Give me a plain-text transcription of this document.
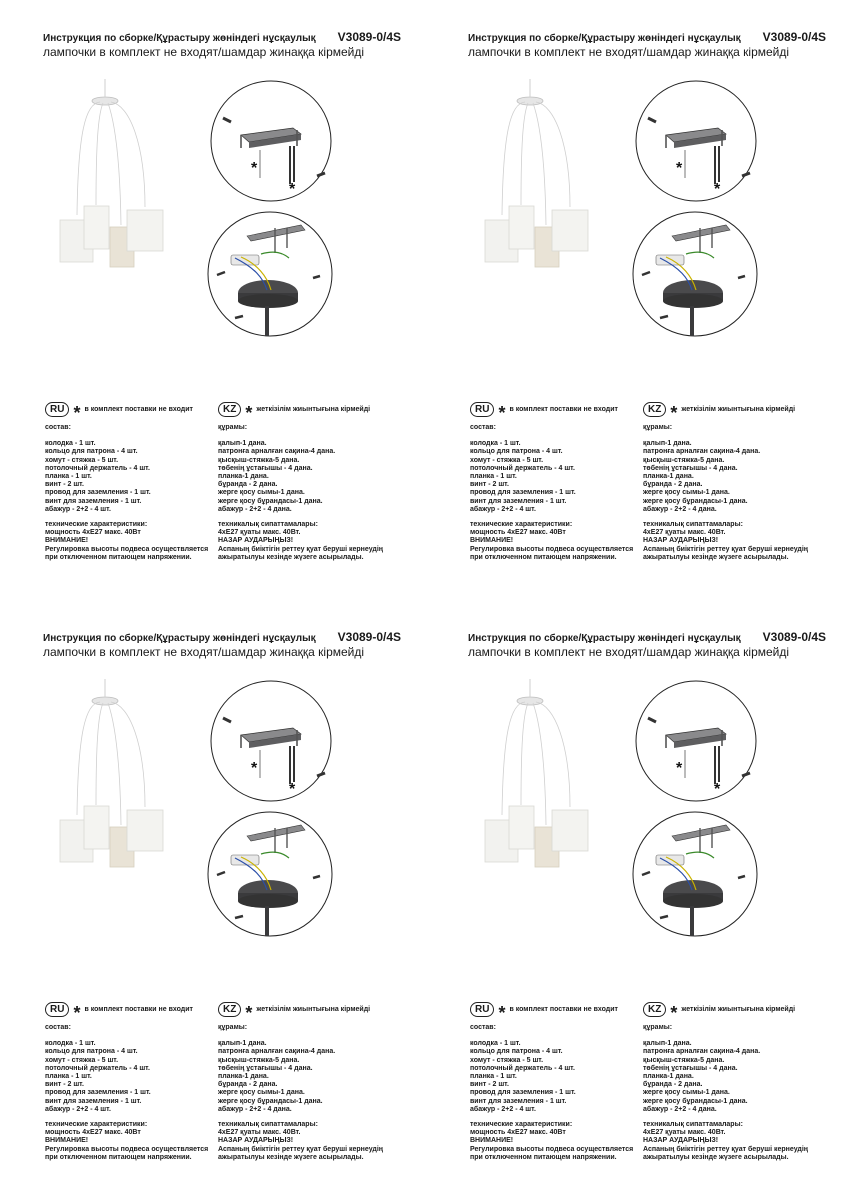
Инструкция по сборке/Құрастыру жөніндегі нұсқаулық V3089-0/4S
лампочки в комплект не входят/шамдар жинаққа кірмейді
*
*
RU * в комплект поставки не входит	KZ * жеткізілім жиынтығына кірмейді
состав:
колодка - 1 шт.
кольцо для патрона - 4 шт.
хомут - стяжка - 5 шт.
потолочный держатель - 4 шт.
планка - 1 шт.
винт - 2 шт.
провод для заземления - 1 шт.
винт для заземления - 1 шт.
абажур - 2+2 - 4 шт.
технические характеристики:
мощность 4xE27 макс. 40Вт
ВНИМАНИЕ!
Регулировка высоты подвеса осуществляется
при отключенном питающем напряжении.
құрамы:
қалып-1 дана.
патронға арналған сақина-4 дана.
қысқыш-стяжка-5 дана.
төбенің ұстағышы - 4 дана.
планка-1 дана.
бұранда - 2 дана.
жерге қосу сымы-1 дана.
жерге қосу бұрандасы-1 дана.
абажур - 2+2 - 4 дана.
техникалық сипаттамалары:
4xE27 қуаты макс. 40Вт.
НАЗАР АУДАРЫҢЫЗ!
Аспаның биіктігін реттеу қуат беруші кернеудің
ажыратылуы кезінде жүзеге асырылады.
Инструкция по сборке/Құрастыру жөніндегі нұсқаулық V3089-0/4S
лампочки в комплект не входят/шамдар жинаққа кірмейді
*
*
RU * в комплект поставки не входит	KZ * жеткізілім жиынтығына кірмейді
состав:
колодка - 1 шт.
кольцо для патрона - 4 шт.
хомут - стяжка - 5 шт.
потолочный держатель - 4 шт.
планка - 1 шт.
винт - 2 шт.
провод для заземления - 1 шт.
винт для заземления - 1 шт.
абажур - 2+2 - 4 шт.
технические характеристики:
мощность 4xE27 макс. 40Вт
ВНИМАНИЕ!
Регулировка высоты подвеса осуществляется
при отключенном питающем напряжении.
құрамы:
қалып-1 дана.
патронға арналған сақина-4 дана.
қысқыш-стяжка-5 дана.
төбенің ұстағышы - 4 дана.
планка-1 дана.
бұранда - 2 дана.
жерге қосу сымы-1 дана.
жерге қосу бұрандасы-1 дана.
абажур - 2+2 - 4 дана.
техникалық сипаттамалары:
4xE27 қуаты макс. 40Вт.
НАЗАР АУДАРЫҢЫЗ!
Аспаның биіктігін реттеу қуат беруші кернеудің
ажыратылуы кезінде жүзеге асырылады.
Инструкция по сборке/Құрастыру жөніндегі нұсқаулық V3089-0/4S
лампочки в комплект не входят/шамдар жинаққа кірмейді
*
*
RU * в комплект поставки не входит	KZ * жеткізілім жиынтығына кірмейді
состав:
колодка - 1 шт.
кольцо для патрона - 4 шт.
хомут - стяжка - 5 шт.
потолочный держатель - 4 шт.
планка - 1 шт.
винт - 2 шт.
провод для заземления - 1 шт.
винт для заземления - 1 шт.
абажур - 2+2 - 4 шт.
технические характеристики:
мощность 4xE27 макс. 40Вт
ВНИМАНИЕ!
Регулировка высоты подвеса осуществляется
при отключенном питающем напряжении.
құрамы:
қалып-1 дана.
патронға арналған сақина-4 дана.
қысқыш-стяжка-5 дана.
төбенің ұстағышы - 4 дана.
планка-1 дана.
бұранда - 2 дана.
жерге қосу сымы-1 дана.
жерге қосу бұрандасы-1 дана.
абажур - 2+2 - 4 дана.
техникалық сипаттамалары:
4xE27 қуаты макс. 40Вт.
НАЗАР АУДАРЫҢЫЗ!
Аспаның биіктігін реттеу қуат беруші кернеудің
ажыратылуы кезінде жүзеге асырылады.
Инструкция по сборке/Құрастыру жөніндегі нұсқаулық V3089-0/4S
лампочки в комплект не входят/шамдар жинаққа кірмейді
*
*
RU * в комплект поставки не входит	KZ * жеткізілім жиынтығына кірмейді
состав:
колодка - 1 шт.
кольцо для патрона - 4 шт.
хомут - стяжка - 5 шт.
потолочный держатель - 4 шт.
планка - 1 шт.
винт - 2 шт.
провод для заземления - 1 шт.
винт для заземления - 1 шт.
абажур - 2+2 - 4 шт.
технические характеристики:
мощность 4xE27 макс. 40Вт
ВНИМАНИЕ!
Регулировка высоты подвеса осуществляется
при отключенном питающем напряжении.
құрамы:
қалып-1 дана.
патронға арналған сақина-4 дана.
қысқыш-стяжка-5 дана.
төбенің ұстағышы - 4 дана.
планка-1 дана.
бұранда - 2 дана.
жерге қосу сымы-1 дана.
жерге қосу бұрандасы-1 дана.
абажур - 2+2 - 4 дана.
техникалық сипаттамалары:
4xE27 қуаты макс. 40Вт.
НАЗАР АУДАРЫҢЫЗ!
Аспаның биіктігін реттеу қуат беруші кернеудің
ажыратылуы кезінде жүзеге асырылады.
